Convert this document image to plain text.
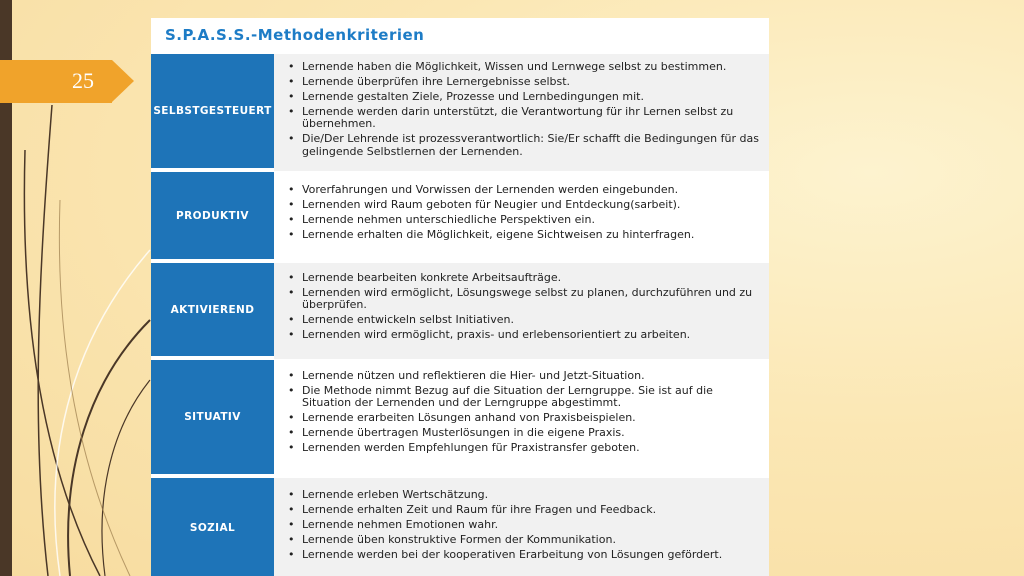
25
S.P.A.S.S.-Methodenkriterien
SELBSTGESTEUERT
• Lernende haben die Möglichkeit, Wissen und Lernwege selbst zu bestimmen.
• Lernende überprüfen ihre Lernergebnisse selbst.
• Lernende gestalten Ziele, Prozesse und Lernbedingungen mit.
• Lernende werden darin unterstützt, die Verantwortung für ihr Lernen selbst zu übernehmen.
• Die/Der Lehrende ist prozessverantwortlich: Sie/Er schafft die Bedingungen für das gelingende Selbstlernen der Lernenden.
PRODUKTIV
• Vorerfahrungen und Vorwissen der Lernenden werden eingebunden.
• Lernenden wird Raum geboten für Neugier und Entdeckung(sarbeit).
• Lernende nehmen unterschiedliche Perspektiven ein.
• Lernende erhalten die Möglichkeit, eigene Sichtweisen zu hinterfragen.
AKTIVIEREND
• Lernende bearbeiten konkrete Arbeitsaufträge.
• Lernenden wird ermöglicht, Lösungswege selbst zu planen, durchzuführen und zu überprüfen.
• Lernende entwickeln selbst Initiativen.
• Lernenden wird ermöglicht, praxis- und erlebensorientiert zu arbeiten.
SITUATIV
• Lernende nützen und reflektieren die Hier- und Jetzt-Situation.
• Die Methode nimmt Bezug auf die Situation der Lerngruppe. Sie ist auf die Situation der Lernenden und der Lerngruppe abgestimmt.
• Lernende erarbeiten Lösungen anhand von Praxisbeispielen.
• Lernende übertragen Musterlösungen in die eigene Praxis.
• Lernenden werden Empfehlungen für Praxistransfer geboten.
SOZIAL
• Lernende erleben Wertschätzung.
• Lernende erhalten Zeit und Raum für ihre Fragen und Feedback.
• Lernende nehmen Emotionen wahr.
• Lernende üben konstruktive Formen der Kommunikation.
• Lernende werden bei der kooperativen Erarbeitung von Lösungen gefördert.
